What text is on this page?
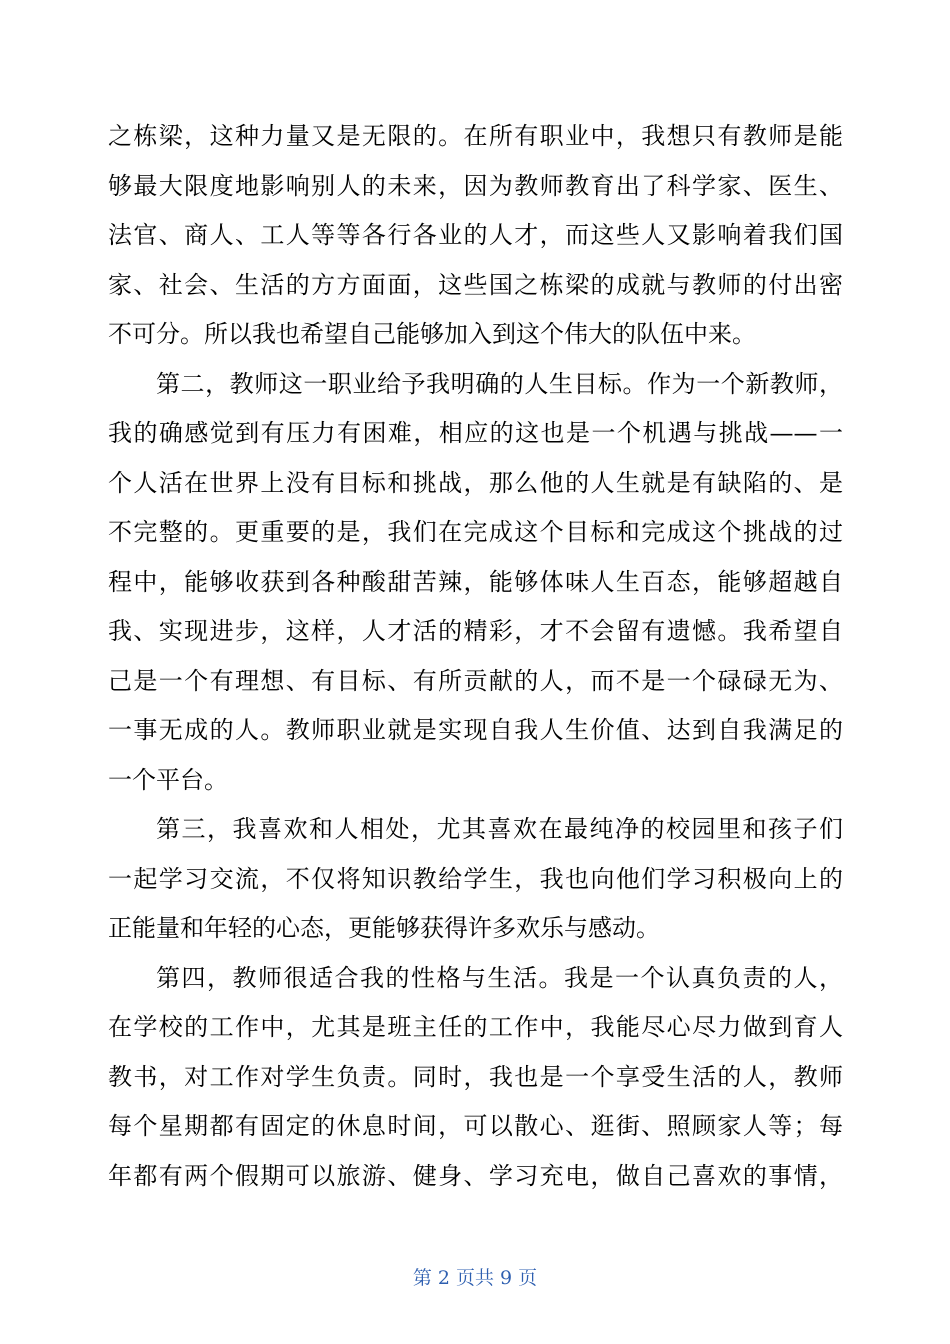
之栋梁，这种力量又是无限的。在所有职业中，我想只有教师是能
够最大限度地影响别人的未来，因为教师教育出了科学家、医生、
法官、商人、工人等等各行各业的人才，而这些人又影响着我们国
家、社会、生活的方方面面，这些国之栋梁的成就与教师的付出密
不可分。所以我也希望自己能够加入到这个伟大的队伍中来。
第二，教师这一职业给予我明确的人生目标。作为一个新教师，
我的确感觉到有压力有困难，相应的这也是一个机遇与挑战——一
个人活在世界上没有目标和挑战，那么他的人生就是有缺陷的、是
不完整的。更重要的是，我们在完成这个目标和完成这个挑战的过
程中，能够收获到各种酸甜苦辣，能够体味人生百态，能够超越自
我、实现进步，这样，人才活的精彩，才不会留有遗憾。我希望自
己是一个有理想、有目标、有所贡献的人，而不是一个碌碌无为、
一事无成的人。教师职业就是实现自我人生价值、达到自我满足的
一个平台。
第三，我喜欢和人相处，尤其喜欢在最纯净的校园里和孩子们
一起学习交流，不仅将知识教给学生，我也向他们学习积极向上的
正能量和年轻的心态，更能够获得许多欢乐与感动。
第四，教师很适合我的性格与生活。我是一个认真负责的人，
在学校的工作中，尤其是班主任的工作中，我能尽心尽力做到育人
教书，对工作对学生负责。同时，我也是一个享受生活的人，教师
每个星期都有固定的休息时间，可以散心、逛街、照顾家人等；每
年都有两个假期可以旅游、健身、学习充电，做自己喜欢的事情，
第 2 页共 9 页
